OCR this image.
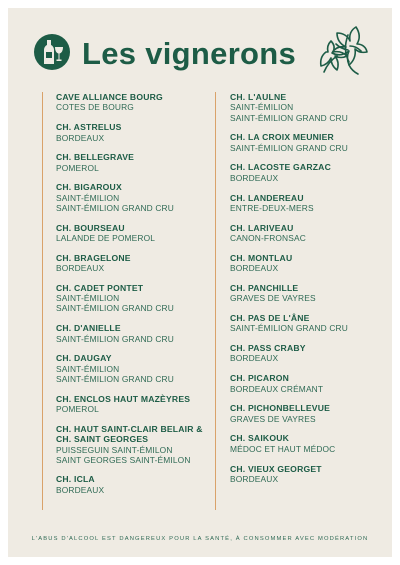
Les vignerons
CAVE ALLIANCE BOURG
COTES DE BOURG
CH. ASTRELUS
BORDEAUX
CH. BELLEGRAVE
POMEROL
CH. BIGAROUX
SAINT-ÉMILION
SAINT-ÉMILION GRAND CRU
CH. BOURSEAU
LALANDE DE POMEROL
CH. BRAGELONE
BORDEAUX
CH. CADET PONTET
SAINT-ÉMILION
SAINT-ÉMILION GRAND CRU
CH. D'ANIELLE
SAINT-ÉMILION GRAND CRU
CH. DAUGAY
SAINT-ÉMILION
SAINT-ÉMILION GRAND CRU
CH. ENCLOS HAUT MAZÈYRES
POMEROL
CH. HAUT SAINT-CLAIR BELAIR & CH. SAINT GEORGES
PUISSEGUIN SAINT-ÉMILON
SAINT GEORGES SAINT-ÉMILON
CH. ICLA
BORDEAUX
CH. L'AULNE
SAINT-ÉMILION
SAINT-ÉMILION GRAND CRU
CH. LA CROIX MEUNIER
SAINT-ÉMILION GRAND CRU
CH. LACOSTE GARZAC
BORDEAUX
CH. LANDEREAU
ENTRE-DEUX-MERS
CH. LARIVEAU
CANON-FRONSAC
CH. MONTLAU
BORDEAUX
CH. PANCHILLE
GRAVES DE VAYRES
CH. PAS DE L'ÂNE
SAINT-ÉMILION GRAND CRU
CH. PASS CRABY
BORDEAUX
CH. PICARON
BORDEAUX CRÉMANT
CH. PICHONBELLEVUE
GRAVES DE VAYRES
CH. SAIKOUK
MÉDOC ET HAUT MÉDOC
CH. VIEUX GEORGET
BORDEAUX
L'ABUS D'ALCOOL EST DANGEREUX POUR LA SANTÉ, À CONSOMMER AVEC MODÉRATION
